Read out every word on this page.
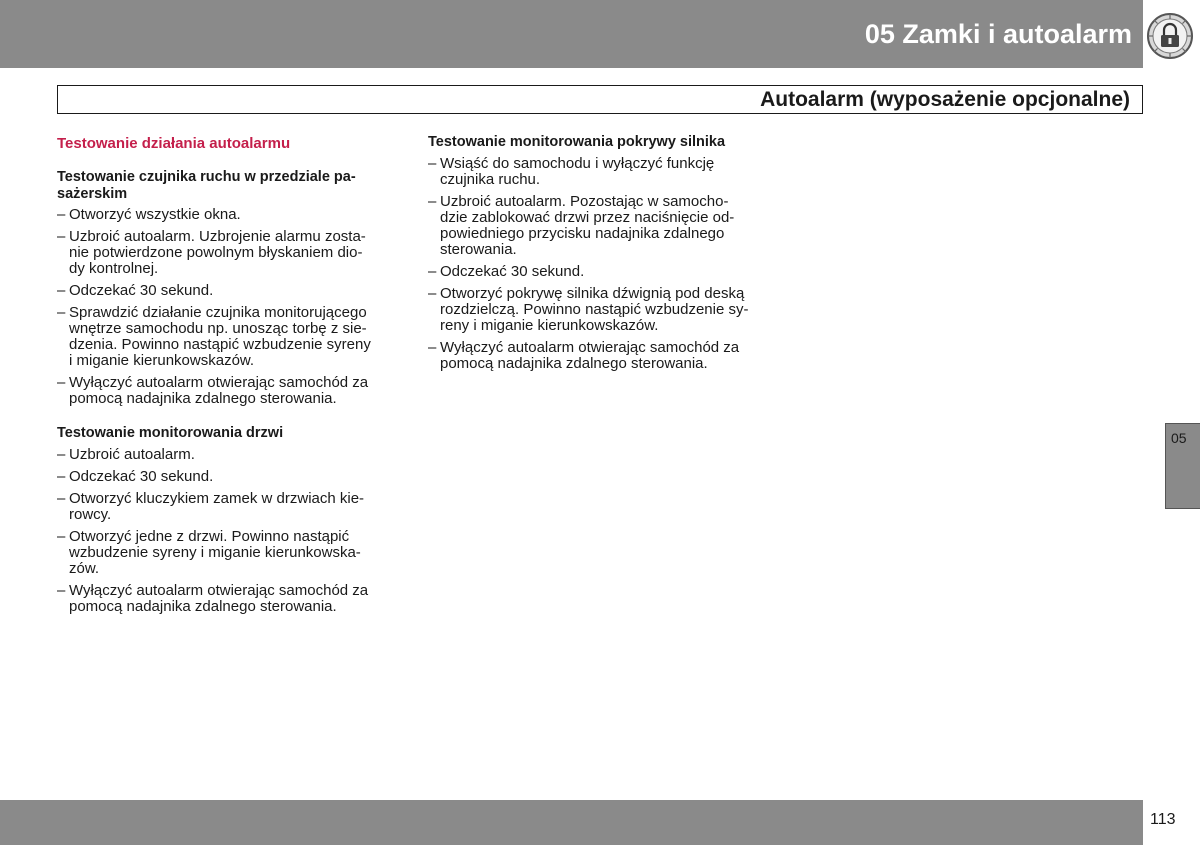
05 Zamki i autoalarm
Autoalarm (wyposażenie opcjonalne)
Testowanie działania autoalarmu
Testowanie czujnika ruchu w przedziale pa-
sażerskim
– Otworzyć wszystkie okna.
– Uzbroić autoalarm. Uzbrojenie alarmu zosta-
nie potwierdzone powolnym błyskaniem dio-
dy kontrolnej.
– Odczekać 30 sekund.
– Sprawdzić działanie czujnika monitorującego
wnętrze samochodu np. unosząc torbę z sie-
dzenia. Powinno nastąpić wzbudzenie syreny
i miganie kierunkowskazów.
– Wyłączyć autoalarm otwierając samochód za
pomocą nadajnika zdalnego sterowania.
Testowanie monitorowania drzwi
– Uzbroić autoalarm.
– Odczekać 30 sekund.
– Otworzyć kluczykiem zamek w drzwiach kie-
rowcy.
– Otworzyć jedne z drzwi. Powinno nastąpić
wzbudzenie syreny i miganie kierunkowska-
zów.
– Wyłączyć autoalarm otwierając samochód za
pomocą nadajnika zdalnego sterowania.
Testowanie monitorowania pokrywy silnika
– Wsiąść do samochodu i wyłączyć funkcję
czujnika ruchu.
– Uzbroić autoalarm. Pozostając w samocho-
dzie zablokować drzwi przez naciśnięcie od-
powiedniego przycisku nadajnika zdalnego
sterowania.
– Odczekać 30 sekund.
– Otworzyć pokrywę silnika dźwignią pod deską
rozdzielczą. Powinno nastąpić wzbudzenie sy-
reny i miganie kierunkowskazów.
– Wyłączyć autoalarm otwierając samochód za
pomocą nadajnika zdalnego sterowania.
05
113
